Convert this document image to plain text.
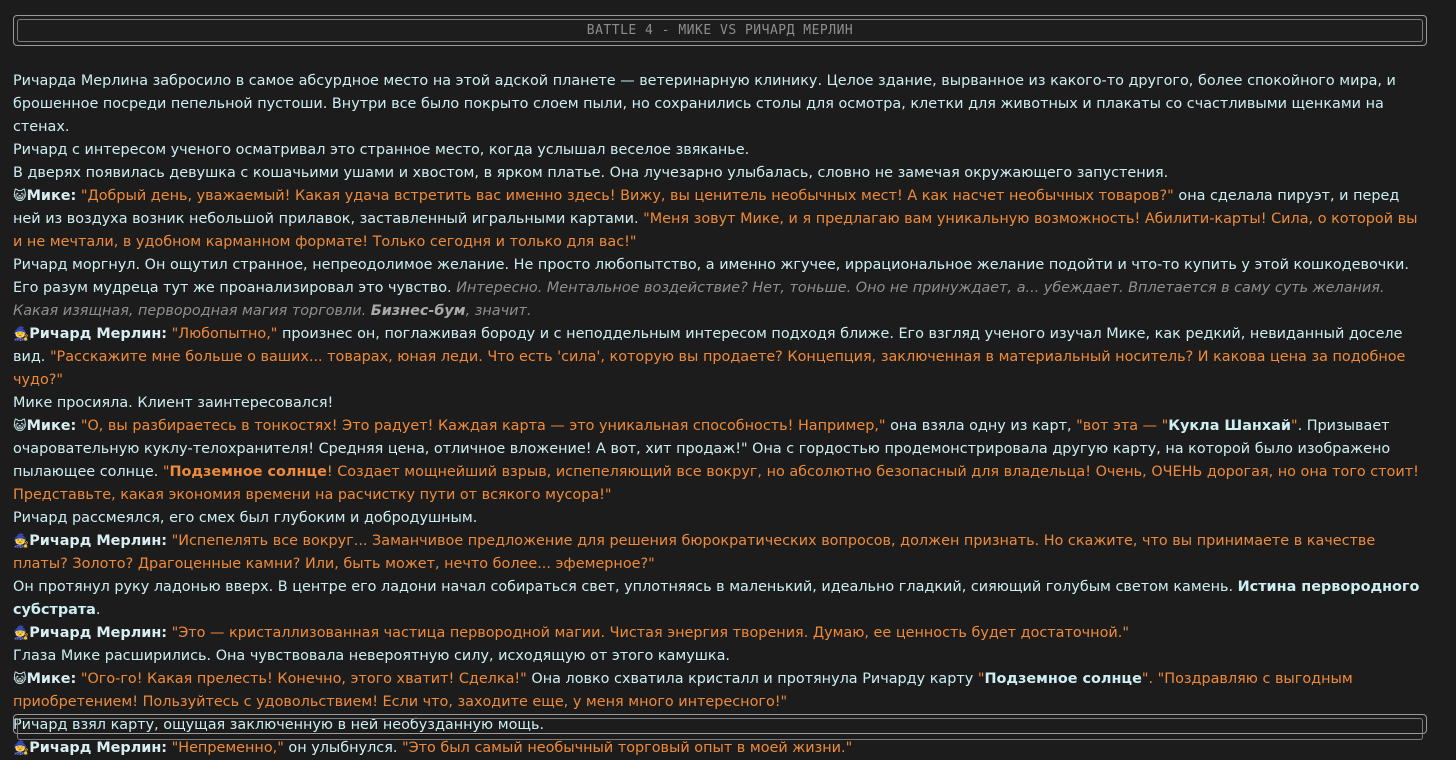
BATTLE 4 - МИКЕ VS РИЧАРД МЕРЛИН

Ричарда Мерлина забросило в самое абсурдное место на этой адской планете — ветеринарную клинику. Целое здание, вырванное из какого-то другого, более спокойного мира, и брошенное посреди пепельной пустоши. Внутри все было покрыто слоем пыли, но сохранились столы для осмотра, клетки для животных и плакаты со счастливыми щенками на стенах.

Ричард с интересом ученого осматривал это странное место, когда услышал веселое звяканье.

В дверях появилась девушка с кошачьими ушами и хвостом, в ярком платье. Она лучезарно улыбалась, словно не замечая окружающего запустения.

😺Мике: "Добрый день, уважаемый! Какая удача встретить вас именно здесь! Вижу, вы ценитель необычных мест! А как насчет необычных товаров?" она сделала пируэт, и перед ней из воздуха возник небольшой прилавок, заставленный игральными картами. "Меня зовут Мике, и я предлагаю вам уникальную возможность! Абилити-карты! Сила, о которой вы и не мечтали, в удобном карманном формате! Только сегодня и только для вас!"

Ричард моргнул. Он ощутил странное, непреодолимое желание. Не просто любопытство, а именно жгучее, иррациональное желание подойти и что-то купить у этой кошкодевочки. Его разум мудреца тут же проанализировал это чувство. Интересно. Ментальное воздействие? Нет, тоньше. Оно не принуждает, а... убеждает. Вплетается в саму суть желания. Какая изящная, первородная магия торговли. Бизнес-бум, значит.

🧙Ричард Мерлин: "Любопытно," произнес он, поглаживая бороду и с неподдельным интересом подходя ближе. Его взгляд ученого изучал Мике, как редкий, невиданный доселе вид. "Расскажите мне больше о ваших... товарах, юная леди. Что есть 'сила', которую вы продаете? Концепция, заключенная в материальный носитель? И какова цена за подобное чудо?"

Мике просияла. Клиент заинтересовался!

😺Мике: "О, вы разбираетесь в тонкостях! Это радует! Каждая карта — это уникальная способность! Например," она взяла одну из карт, "вот эта — "Кукла Шанхай". Призывает очаровательную куклу-телохранителя! Средняя цена, отличное вложение! А вот, хит продаж!" Она с гордостью продемонстрировала другую карту, на которой было изображено пылающее солнце. "Подземное солнце! Создает мощнейший взрыв, испепеляющий все вокруг, но абсолютно безопасный для владельца! Очень, ОЧЕНЬ дорогая, но она того стоит! Представьте, какая экономия времени на расчистку пути от всякого мусора!"

Ричард рассмеялся, его смех был глубоким и добродушным.

🧙Ричард Мерлин: "Испепелять все вокруг... Заманчивое предложение для решения бюрократических вопросов, должен признать. Но скажите, что вы принимаете в качестве платы? Золото? Драгоценные камни? Или, быть может, нечто более... эфемерное?"

Он протянул руку ладонью вверх. В центре его ладони начал собираться свет, уплотняясь в маленький, идеально гладкий, сияющий голубым светом камень. Истина первородного субстрата.

🧙Ричард Мерлин: "Это — кристаллизованная частица первородной магии. Чистая энергия творения. Думаю, ее ценность будет достаточной."

Глаза Мике расширились. Она чувствовала невероятную силу, исходящую от этого камушка.

😺Мике: "Ого-го! Какая прелесть! Конечно, этого хватит! Сделка!" Она ловко схватила кристалл и протянула Ричарду карту "Подземное солнце". "Поздравляю с выгодным приобретением! Пользуйтесь с удовольствием! Если что, заходите еще, у меня много интересного!"

Ричард взял карту, ощущая заключенную в ней необузданную мощь.

🧙Ричард Мерлин: "Непременно," он улыбнулся. "Это был самый необычный торговый опыт в моей жизни."
